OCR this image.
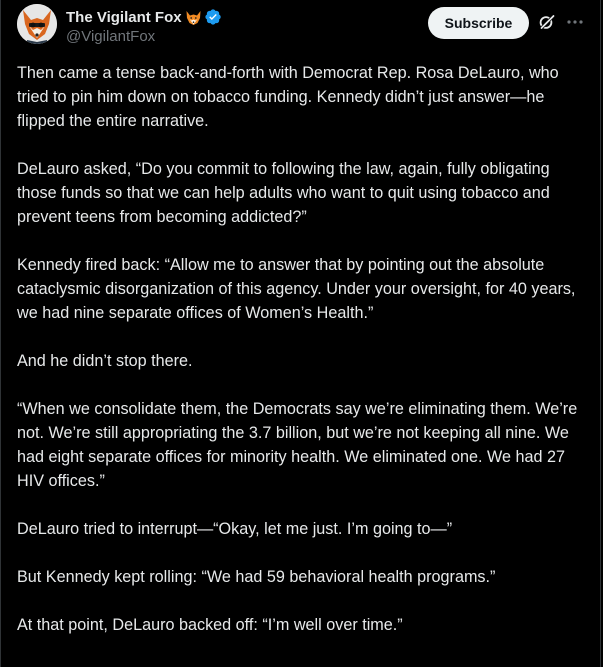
The Vigilant Fox
@VigilantFox
Subscribe

Then came a tense back-and-forth with Democrat Rep. Rosa DeLauro, who tried to pin him down on tobacco funding. Kennedy didn’t just answer—he flipped the entire narrative.

DeLauro asked, “Do you commit to following the law, again, fully obligating those funds so that we can help adults who want to quit using tobacco and prevent teens from becoming addicted?”

Kennedy fired back: “Allow me to answer that by pointing out the absolute cataclysmic disorganization of this agency. Under your oversight, for 40 years, we had nine separate offices of Women’s Health.”

And he didn’t stop there.

“When we consolidate them, the Democrats say we’re eliminating them. We’re not. We’re still appropriating the 3.7 billion, but we’re not keeping all nine. We had eight separate offices for minority health. We eliminated one. We had 27 HIV offices.”

DeLauro tried to interrupt—“Okay, let me just. I’m going to—”

But Kennedy kept rolling: “We had 59 behavioral health programs.”

At that point, DeLauro backed off: “I’m well over time.”
